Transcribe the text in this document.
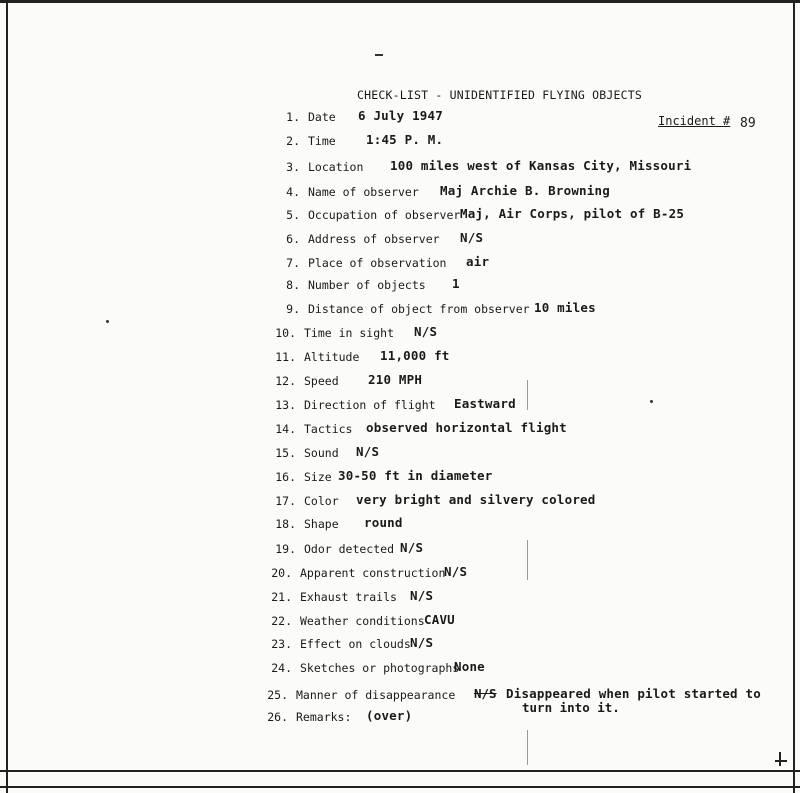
CHECK-LIST - UNIDENTIFIED FLYING OBJECTS
Incident # 89
1. Date 6 July 1947
2. Time 1:45 P. M.
3. Location 100 miles west of Kansas City, Missouri
4. Name of observer Maj Archie B. Browning
5. Occupation of observer Maj, Air Corps, pilot of B-25
6. Address of observer N/S
7. Place of observation air
8. Number of objects 1
9. Distance of object from observer 10 miles
10. Time in sight N/S
11. Altitude 11,000 ft
12. Speed 210 MPH
13. Direction of flight Eastward
14. Tactics observed horizontal flight
15. Sound N/S
16. Size 30-50 ft in diameter
17. Color very bright and silvery colored
18. Shape round
19. Odor detected N/S
20. Apparent construction
N/S
21. Exhaust trails N/S
22. Weather conditions CAVU
23. Effect on clouds N/S
24. Sketches or photographs
None
25. Manner of disappearance N/S Disappeared when pilot started to
turn into it.
26. Remarks: (over)
